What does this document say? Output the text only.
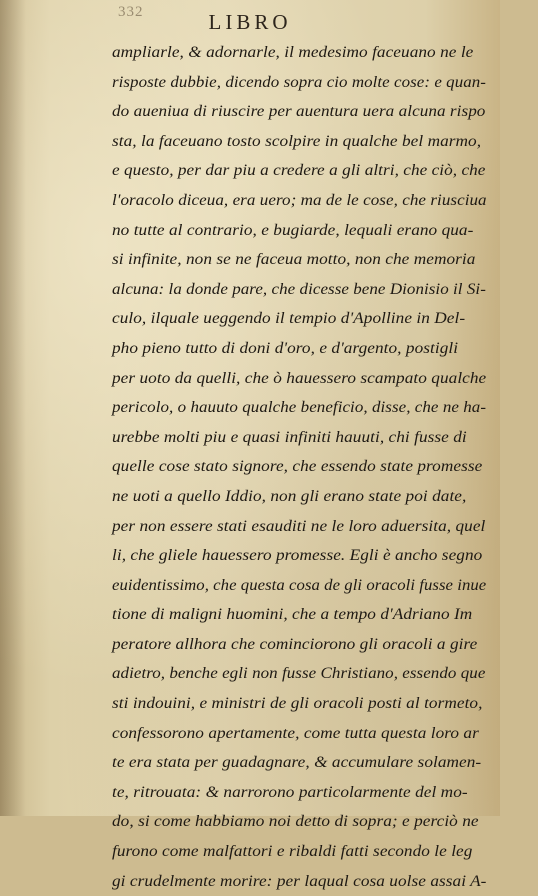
332	LIBRO
ampliarle, & adornarle, il medesimo faceuano ne le
risposte dubbie, dicendo sopra cio molte cose: e quan-
do aueniua di riuscire per auentura uera alcuna rispo
sta, la faceuano tosto scolpire in qualche bel marmo,
e questo, per dar piu a credere a gli altri, che ciò, che
l'oracolo diceua, era uero; ma de le cose, che riusciua
no tutte al contrario, e bugiarde, lequali erano qua-
si infinite, non se ne faceua motto, non che memoria
alcuna: la donde pare, che dicesse bene Dionisio il Si-
culo, ilquale ueggendo il tempio d'Apolline in Del-
pho pieno tutto di doni d'oro, e d'argento, postigli
per uoto da quelli, che ò hauessero scampato qualche
pericolo, o hauuto qualche beneficio, disse, che ne ha-
urebbe molti piu e quasi infiniti hauuti, chi fusse di
quelle cose stato signore, che essendo state promesse
ne uoti a quello Iddio, non gli erano state poi date,
per non essere stati esauditi ne le loro aduersita, quel
li, che gliele hauessero promesse. Egli è ancho segno
euidentissimo, che questa cosa de gli oracoli fusse inue
tione di maligni huomini, che a tempo d'Adriano Im
peratore allhora che cominciorono gli oracoli a gire
adietro, benche egli non fusse Christiano, essendo que
sti indouini, e ministri de gli oracoli posti al tormeto,
confessorono apertamente, come tutta questa loro ar
te era stata per guadagnare, & accumulare solamen-
te, ritrouata: & narrorono particolarmente del mo-
do, si come habbiamo noi detto di sopra; e perciò ne
furono come malfattori e ribaldi fatti secondo le leg
gi crudelmente morire: per laqual cosa uolse assai A-
